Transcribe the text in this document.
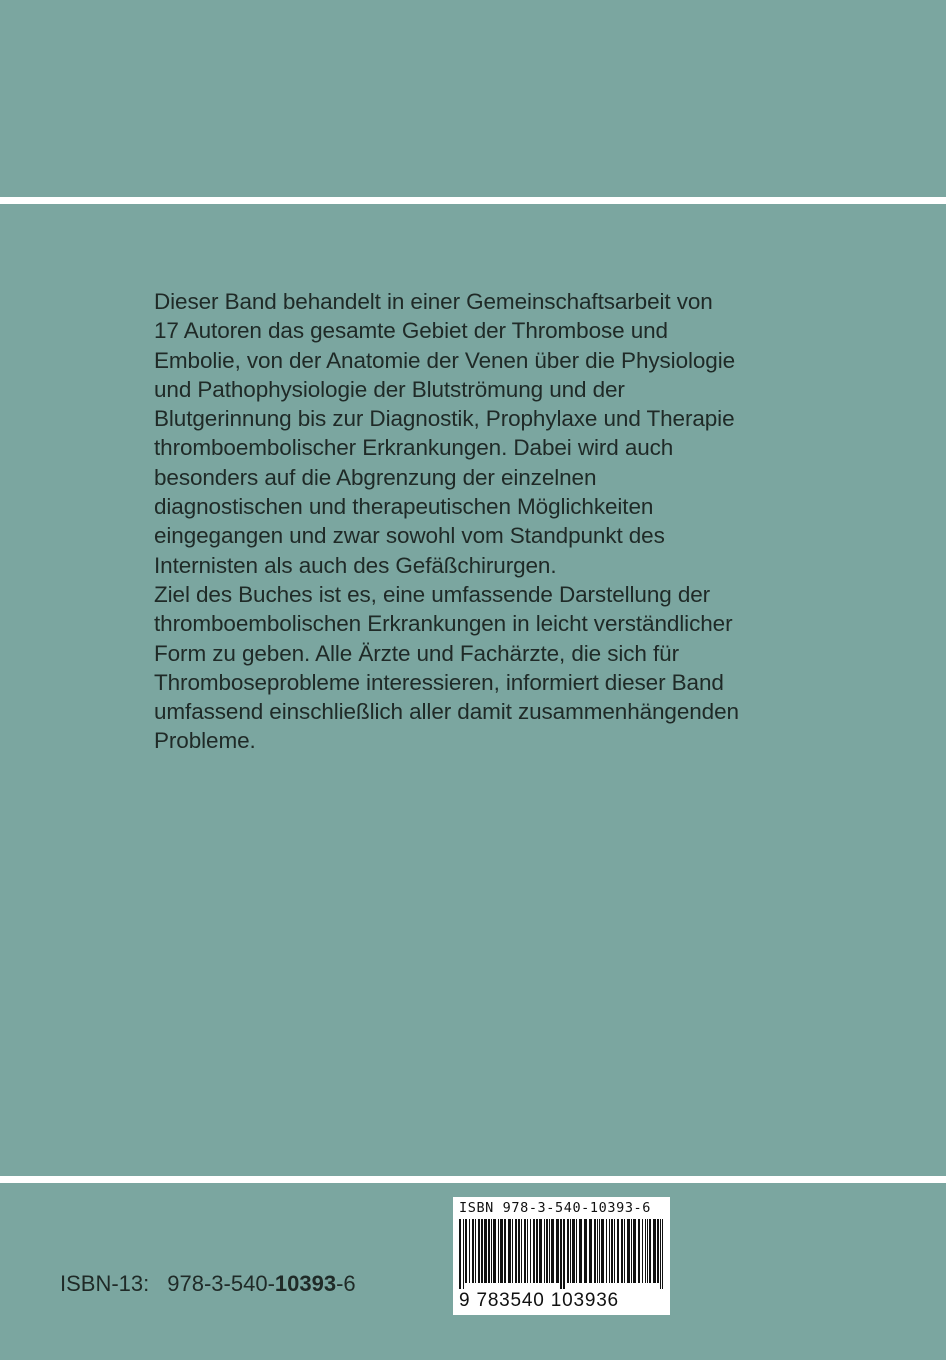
Dieser Band behandelt in einer Gemeinschaftsarbeit von
17 Autoren das gesamte Gebiet der Thrombose und
Embolie, von der Anatomie der Venen über die Physiologie
und Pathophysiologie der Blutströmung und der
Blutgerinnung bis zur Diagnostik, Prophylaxe und Therapie
thromboembolischer Erkrankungen. Dabei wird auch
besonders auf die Abgrenzung der einzelnen
diagnostischen und therapeutischen Möglichkeiten
eingegangen und zwar sowohl vom Standpunkt des
Internisten als auch des Gefäßchirurgen.
Ziel des Buches ist es, eine umfassende Darstellung der
thromboembolischen Erkrankungen in leicht verständlicher
Form zu geben. Alle Ärzte und Fachärzte, die sich für
Thromboseprobleme interessieren, informiert dieser Band
umfassend einschließlich aller damit zusammenhängenden
Probleme.
ISBN-13: 978-3-540-10393-6
ISBN 978-3-540-10393-6
9 783540 103936
